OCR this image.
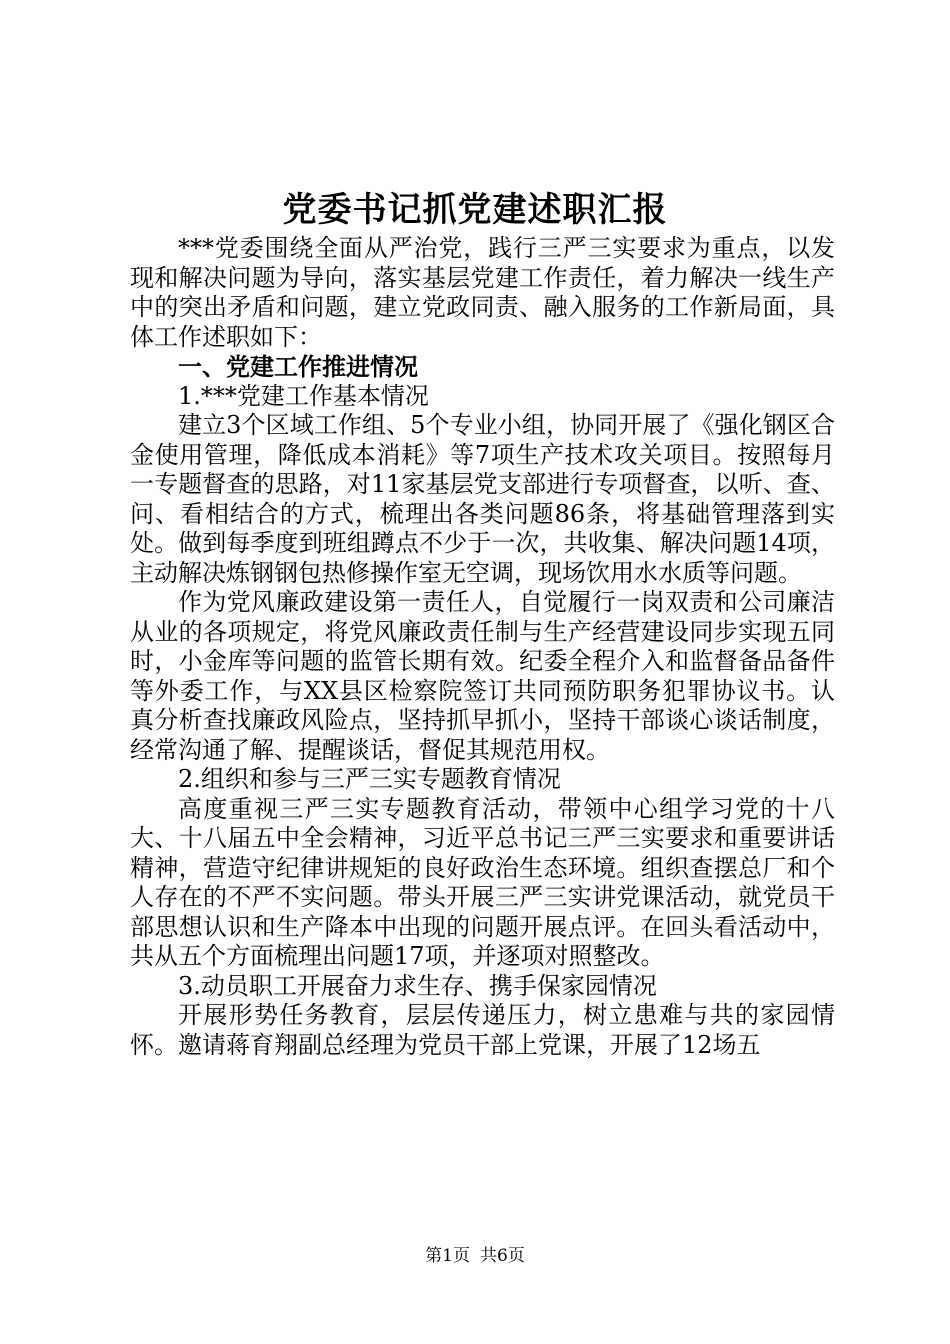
党委书记抓党建述职汇报

***党委围绕全面从严治党，践行三严三实要求为重点，以发现和解决问题为导向，落实基层党建工作责任，着力解决一线生产中的突出矛盾和问题，建立党政同责、融入服务的工作新局面，具体工作述职如下：

一、党建工作推进情况

1.***党建工作基本情况

建立3个区域工作组、5个专业小组，协同开展了《强化钢区合金使用管理，降低成本消耗》等7项生产技术攻关项目。按照每月一专题督查的思路，对11家基层党支部进行专项督查，以听、查、问、看相结合的方式，梳理出各类问题86条，将基础管理落到实处。做到每季度到班组蹲点不少于一次，共收集、解决问题14项，主动解决炼钢钢包热修操作室无空调，现场饮用水水质等问题。

作为党风廉政建设第一责任人，自觉履行一岗双责和公司廉洁从业的各项规定，将党风廉政责任制与生产经营建设同步实现五同时，小金库等问题的监管长期有效。纪委全程介入和监督备品备件等外委工作，与XX县区检察院签订共同预防职务犯罪协议书。认真分析查找廉政风险点，坚持抓早抓小，坚持干部谈心谈话制度，经常沟通了解、提醒谈话，督促其规范用权。

2.组织和参与三严三实专题教育情况

高度重视三严三实专题教育活动，带领中心组学习党的十八大、十八届五中全会精神，习近平总书记三严三实要求和重要讲话精神，营造守纪律讲规矩的良好政治生态环境。组织查摆总厂和个人存在的不严不实问题。带头开展三严三实讲党课活动，就党员干部思想认识和生产降本中出现的问题开展点评。在回头看活动中，共从五个方面梳理出问题17项，并逐项对照整改。

3.动员职工开展奋力求生存、携手保家园情况

开展形势任务教育，层层传递压力，树立患难与共的家园情怀。邀请蒋育翔副总经理为党员干部上党课，开展了12场五

第1页 共6页
